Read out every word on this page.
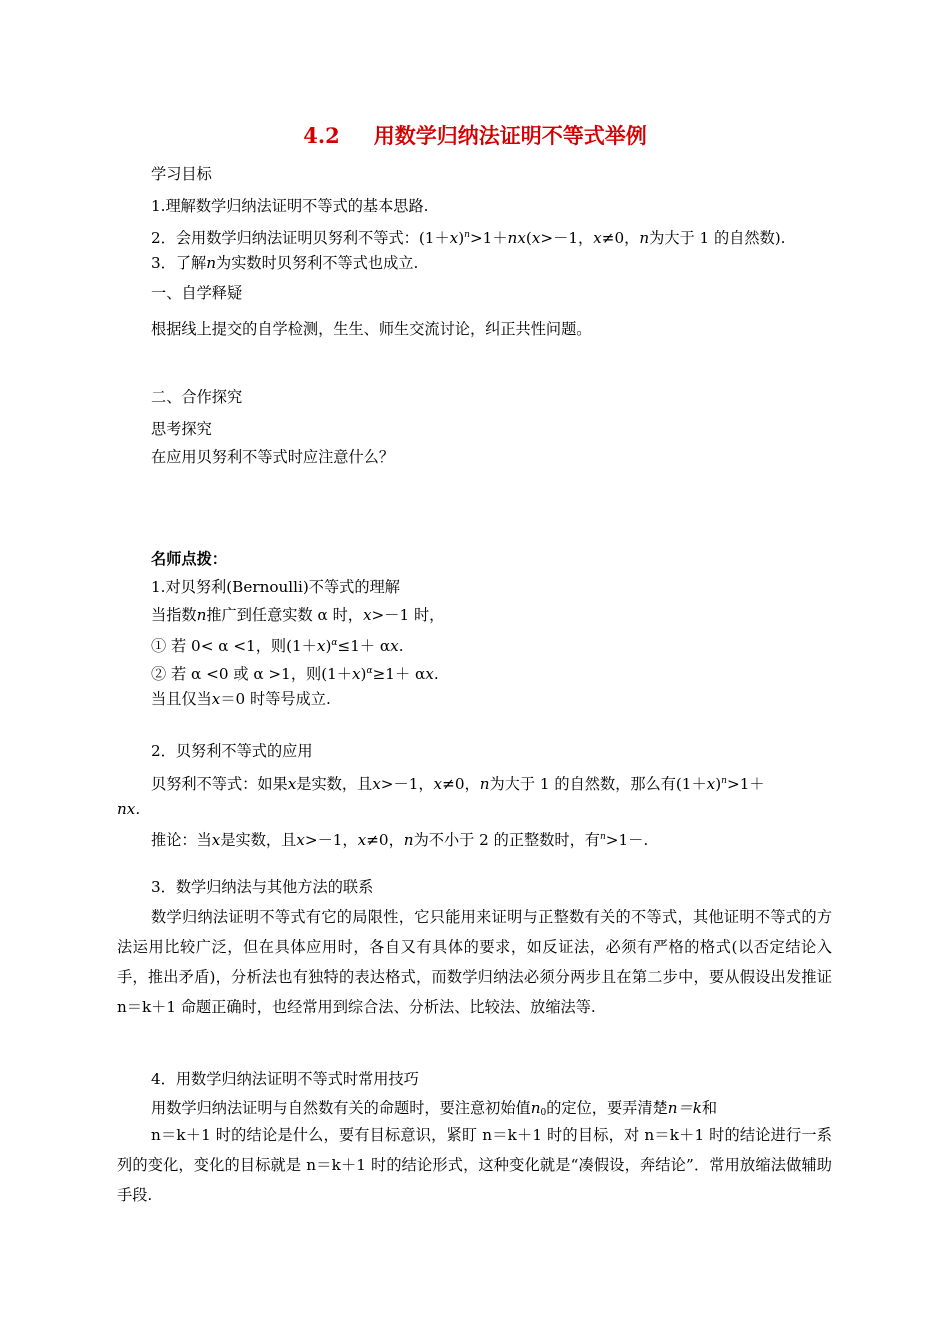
4.2 用数学归纳法证明不等式举例
学习目标
1.理解数学归纳法证明不等式的基本思路.
2．会用数学归纳法证明贝努利不等式：$(1+x)^n>1+nx(x>-1$，x≠0，n为大于 1 的自然数).
3．了解n为实数时贝努利不等式也成立.
一、自学释疑
根据线上提交的自学检测，生生、师生交流讨论，纠正共性问题。
二、合作探究
思考探究
在应用贝努利不等式时应注意什么？
名师点拨：
1.对贝努利(Bernoulli)不等式的理解
当指数n推广到任意实数 α 时，x>－1 时，
① 若 0< α <1，则$(1+x)^\alpha\le 1+ \alpha x$.
② 若 α <0 或 α >1，则$(1+x)^\alpha\ge 1+ \alpha x$.
当且仅当x＝0 时等号成立.
2．贝努利不等式的应用
贝努利不等式：如果x是实数，且x>－1，x≠0，n为大于 1 的自然数，那么有$(1+x)^n>1+$
nx.
推论：当x是实数，且x>－1，x≠0，n为不小于 2 的正整数时，有$^n$>1－.
3．数学归纳法与其他方法的联系
数学归纳法证明不等式有它的局限性，它只能用来证明与正整数有关的不等式，其他证明不等式的方法运用比较广泛，但在具体应用时，各自又有具体的要求，如反证法，必须有严格的格式(以否定结论入手，推出矛盾)，分析法也有独特的表达格式，而数学归纳法必须分两步且在第二步中，要从假设出发推证 n＝k＋1 命题正确时，也经常用到综合法、分析法、比较法、放缩法等.
4．用数学归纳法证明不等式时常用技巧
用数学归纳法证明与自然数有关的命题时，要注意初始值$n_0$的定位，要弄清楚n＝k和
n＝k＋1 时的结论是什么，要有目标意识，紧盯 n＝k＋1 时的目标，对 n＝k＋1 时的结论进行一系列的变化，变化的目标就是 n＝k＋1 时的结论形式，这种变化就是“凑假设，奔结论”．常用放缩法做辅助手段.
